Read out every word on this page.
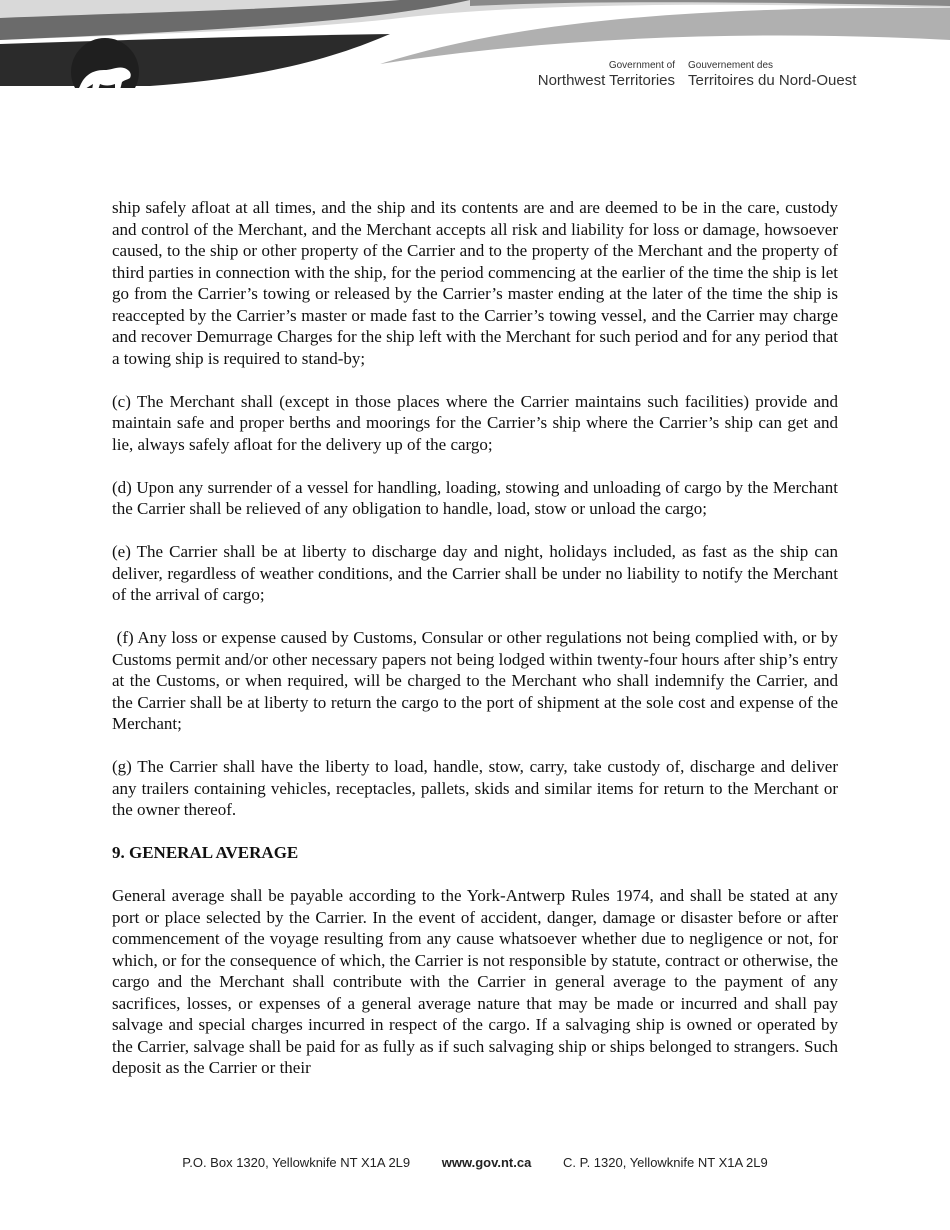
Government of
Northwest Territories
Gouvernement des
Territoires du Nord-Ouest

ship safely afloat at all times, and the ship and its contents are and are deemed to be in the care, custody and control of the Merchant, and the Merchant accepts all risk and liability for loss or damage, howsoever caused, to the ship or other property of the Carrier and to the property of the Merchant and the property of third parties in connection with the ship, for the period commencing at the earlier of the time the ship is let go from the Carrier’s towing or released by the Carrier’s master ending at the later of the time the ship is reaccepted by the Carrier’s master or made fast to the Carrier’s towing vessel, and the Carrier may charge and recover Demurrage Charges for the ship left with the Merchant for such period and for any period that a towing ship is required to stand-by;

(c) The Merchant shall (except in those places where the Carrier maintains such facilities) provide and maintain safe and proper berths and moorings for the Carrier’s ship where the Carrier’s ship can get and lie, always safely afloat for the delivery up of the cargo;

(d) Upon any surrender of a vessel for handling, loading, stowing and unloading of cargo by the Merchant the Carrier shall be relieved of any obligation to handle, load, stow or unload the cargo;

(e) The Carrier shall be at liberty to discharge day and night, holidays included, as fast as the ship can deliver, regardless of weather conditions, and the Carrier shall be under no liability to notify the Merchant of the arrival of cargo;

(f) Any loss or expense caused by Customs, Consular or other regulations not being complied with, or by Customs permit and/or other necessary papers not being lodged within twenty-four hours after ship’s entry at the Customs, or when required, will be charged to the Merchant who shall indemnify the Carrier, and the Carrier shall be at liberty to return the cargo to the port of shipment at the sole cost and expense of the Merchant;

(g) The Carrier shall have the liberty to load, handle, stow, carry, take custody of, discharge and deliver any trailers containing vehicles, receptacles, pallets, skids and similar items for return to the Merchant or the owner thereof.

9. GENERAL AVERAGE

General average shall be payable according to the York-Antwerp Rules 1974, and shall be stated at any port or place selected by the Carrier. In the event of accident, danger, damage or disaster before or after commencement of the voyage resulting from any cause whatsoever whether due to negligence or not, for which, or for the consequence of which, the Carrier is not responsible by statute, contract or otherwise, the cargo and the Merchant shall contribute with the Carrier in general average to the payment of any sacrifices, losses, or expenses of a general average nature that may be made or incurred and shall pay salvage and special charges incurred in respect of the cargo. If a salvaging ship is owned or operated by the Carrier, salvage shall be paid for as fully as if such salvaging ship or ships belonged to strangers. Such deposit as the Carrier or their

P.O. Box 1320, Yellowknife NT X1A 2L9 www.gov.nt.ca C. P. 1320, Yellowknife NT X1A 2L9
